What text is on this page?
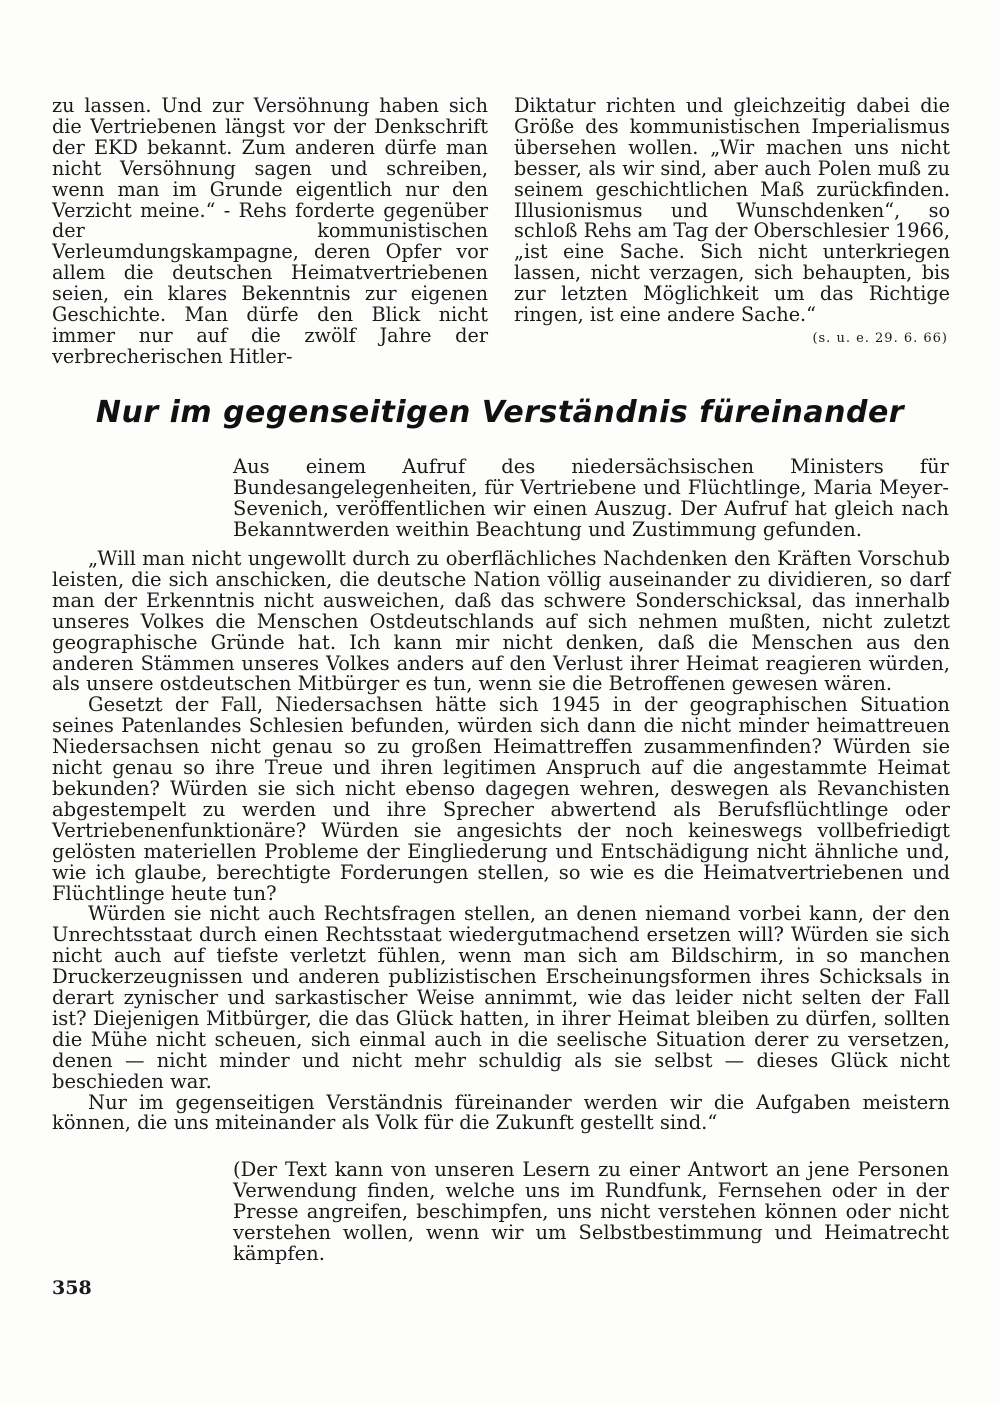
zu lassen. Und zur Versöhnung haben sich die Vertriebenen längst vor der Denkschrift der EKD bekannt. Zum anderen dürfe man nicht Versöhnung sagen und schreiben, wenn man im Grunde eigentlich nur den Verzicht meine.“ - Rehs forderte gegenüber der kommunistischen Verleumdungskampagne, deren Opfer vor allem die deutschen Heimatvertriebenen seien, ein klares Bekenntnis zur eigenen Geschichte. Man dürfe den Blick nicht immer nur auf die zwölf Jahre der verbrecherischen Hitler-
Diktatur richten und gleichzeitig dabei die Größe des kommunistischen Imperialismus übersehen wollen. „Wir machen uns nicht besser, als wir sind, aber auch Polen muß zu seinem geschichtlichen Maß zurückfinden. Illusionismus und Wunschdenken“, so schloß Rehs am Tag der Oberschlesier 1966, „ist eine Sache. Sich nicht unterkriegen lassen, nicht verzagen, sich behaupten, bis zur letzten Möglichkeit um das Richtige ringen, ist eine andere Sache.“
(s. u. e. 29. 6. 66)
Nur im gegenseitigen Verständnis füreinander
Aus einem Aufruf des niedersächsischen Ministers für Bundesangelegenheiten, für Vertriebene und Flüchtlinge, Maria Meyer-Sevenich, veröffentlichen wir einen Auszug. Der Aufruf hat gleich nach Bekanntwerden weithin Beachtung und Zustimmung gefunden.

„Will man nicht ungewollt durch zu oberflächliches Nachdenken den Kräften Vorschub leisten, die sich anschicken, die deutsche Nation völlig auseinander zu dividieren, so darf man der Erkenntnis nicht ausweichen, daß das schwere Sonderschicksal, das innerhalb unseres Volkes die Menschen Ostdeutschlands auf sich nehmen mußten, nicht zuletzt geographische Gründe hat. Ich kann mir nicht denken, daß die Menschen aus den anderen Stämmen unseres Volkes anders auf den Verlust ihrer Heimat reagieren würden, als unsere ostdeutschen Mitbürger es tun, wenn sie die Betroffenen gewesen wären.

Gesetzt der Fall, Niedersachsen hätte sich 1945 in der geographischen Situation seines Patenlandes Schlesien befunden, würden sich dann die nicht minder heimattreuen Niedersachsen nicht genau so zu großen Heimattreffen zusammenfinden? Würden sie nicht genau so ihre Treue und ihren legitimen Anspruch auf die angestammte Heimat bekunden? Würden sie sich nicht ebenso dagegen wehren, deswegen als Revanchisten abgestempelt zu werden und ihre Sprecher abwertend als Berufsflüchtlinge oder Vertriebenenfunktionäre? Würden sie angesichts der noch keineswegs vollbefriedigt gelösten materiellen Probleme der Eingliederung und Entschädigung nicht ähnliche und, wie ich glaube, berechtigte Forderungen stellen, so wie es die Heimatvertriebenen und Flüchtlinge heute tun?

Würden sie nicht auch Rechtsfragen stellen, an denen niemand vorbei kann, der den Unrechtsstaat durch einen Rechtsstaat wiedergutmachend ersetzen will? Würden sie sich nicht auch auf tiefste verletzt fühlen, wenn man sich am Bildschirm, in so manchen Druckerzeugnissen und anderen publizistischen Erscheinungsformen ihres Schicksals in derart zynischer und sarkastischer Weise annimmt, wie das leider nicht selten der Fall ist? Diejenigen Mitbürger, die das Glück hatten, in ihrer Heimat bleiben zu dürfen, sollten die Mühe nicht scheuen, sich einmal auch in die seelische Situation derer zu versetzen, denen — nicht minder und nicht mehr schuldig als sie selbst — dieses Glück nicht beschieden war.

Nur im gegenseitigen Verständnis füreinander werden wir die Aufgaben meistern können, die uns miteinander als Volk für die Zukunft gestellt sind.“

(Der Text kann von unseren Lesern zu einer Antwort an jene Personen Verwendung finden, welche uns im Rundfunk, Fernsehen oder in der Presse angreifen, beschimpfen, uns nicht verstehen können oder nicht verstehen wollen, wenn wir um Selbstbestimmung und Heimatrecht kämpfen.
358
